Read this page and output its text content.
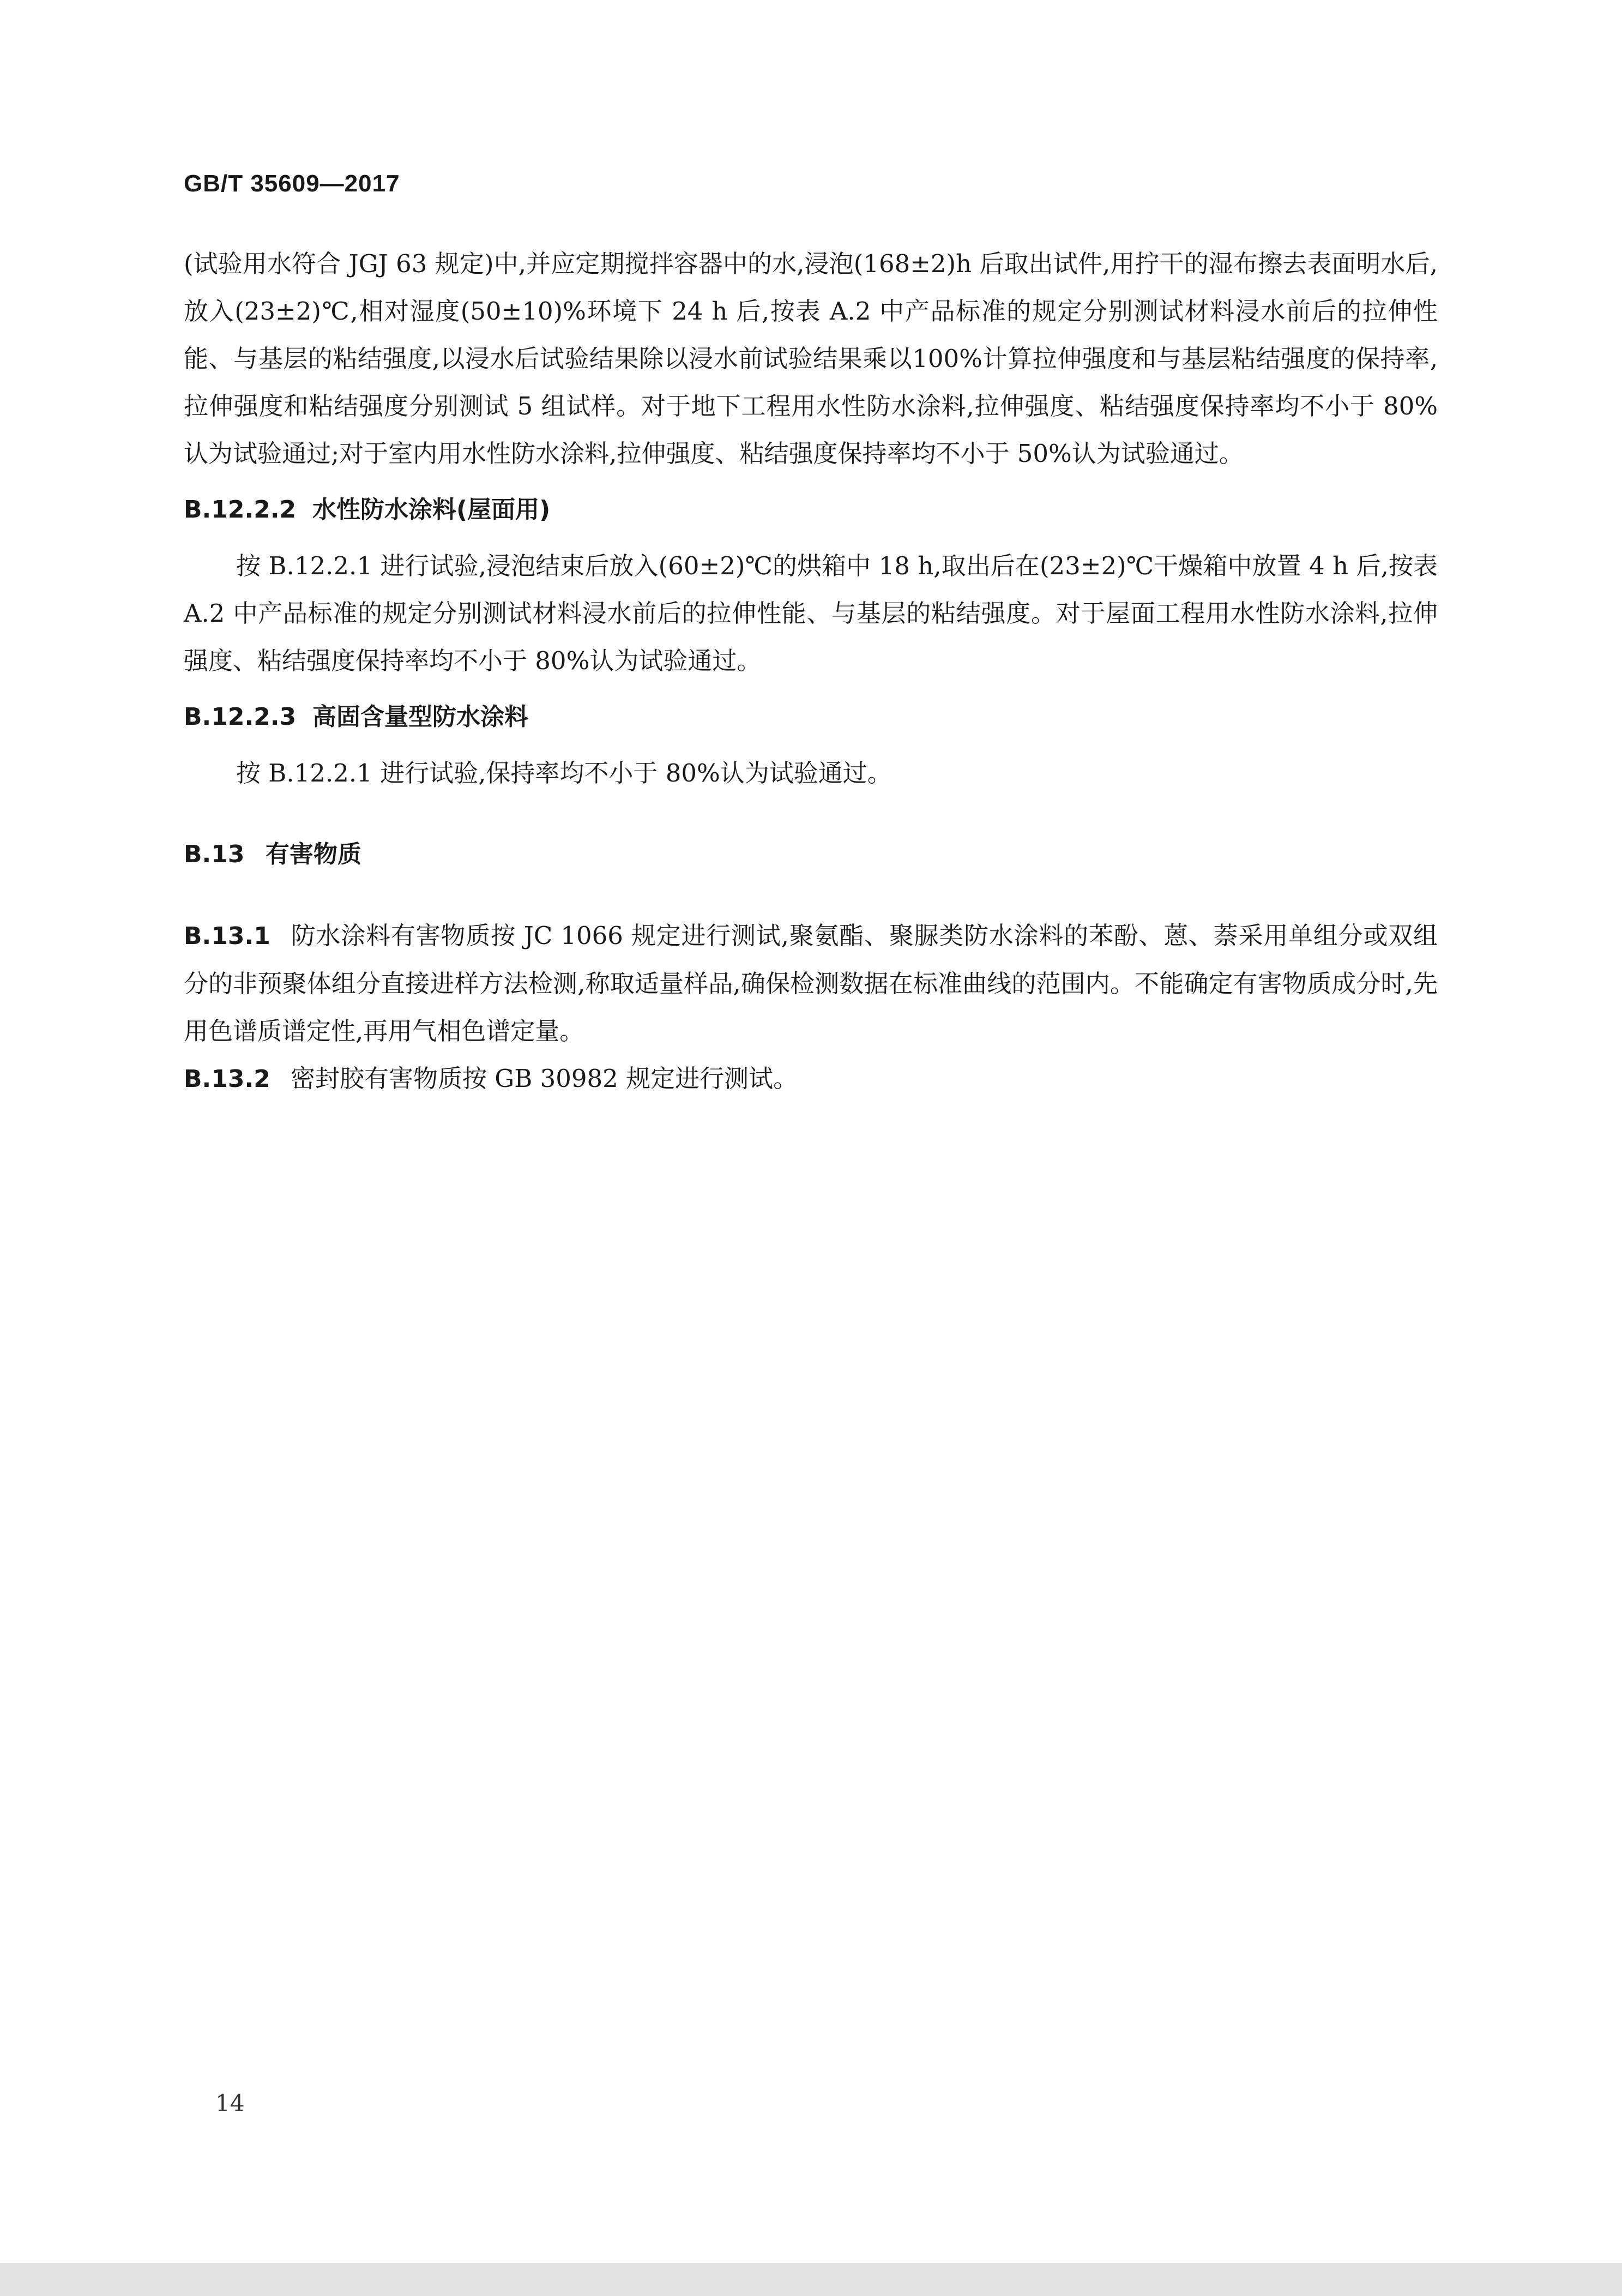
GB/T 35609—2017

(试验用水符合 JGJ 63 规定)中,并应定期搅拌容器中的水,浸泡(168±2)h 后取出试件,用拧干的湿布擦去表面明水后,放入(23±2)℃,相对湿度(50±10)%环境下 24 h 后,按表 A.2 中产品标准的规定分别测试材料浸水前后的拉伸性能、与基层的粘结强度,以浸水后试验结果除以浸水前试验结果乘以100%计算拉伸强度和与基层粘结强度的保持率,拉伸强度和粘结强度分别测试 5 组试样。对于地下工程用水性防水涂料,拉伸强度、粘结强度保持率均不小于 80%认为试验通过;对于室内用水性防水涂料,拉伸强度、粘结强度保持率均不小于 50%认为试验通过。

B.12.2.2 水性防水涂料(屋面用)

按 B.12.2.1 进行试验,浸泡结束后放入(60±2)℃的烘箱中 18 h,取出后在(23±2)℃干燥箱中放置 4 h 后,按表 A.2 中产品标准的规定分别测试材料浸水前后的拉伸性能、与基层的粘结强度。对于屋面工程用水性防水涂料,拉伸强度、粘结强度保持率均不小于 80%认为试验通过。

B.12.2.3 高固含量型防水涂料

按 B.12.2.1 进行试验,保持率均不小于 80%认为试验通过。

B.13 有害物质

B.13.1 防水涂料有害物质按 JC 1066 规定进行测试,聚氨酯、聚脲类防水涂料的苯酚、蒽、萘采用单组分或双组分的非预聚体组分直接进样方法检测,称取适量样品,确保检测数据在标准曲线的范围内。不能确定有害物质成分时,先用色谱质谱定性,再用气相色谱定量。

B.13.2 密封胶有害物质按 GB 30982 规定进行测试。

14
